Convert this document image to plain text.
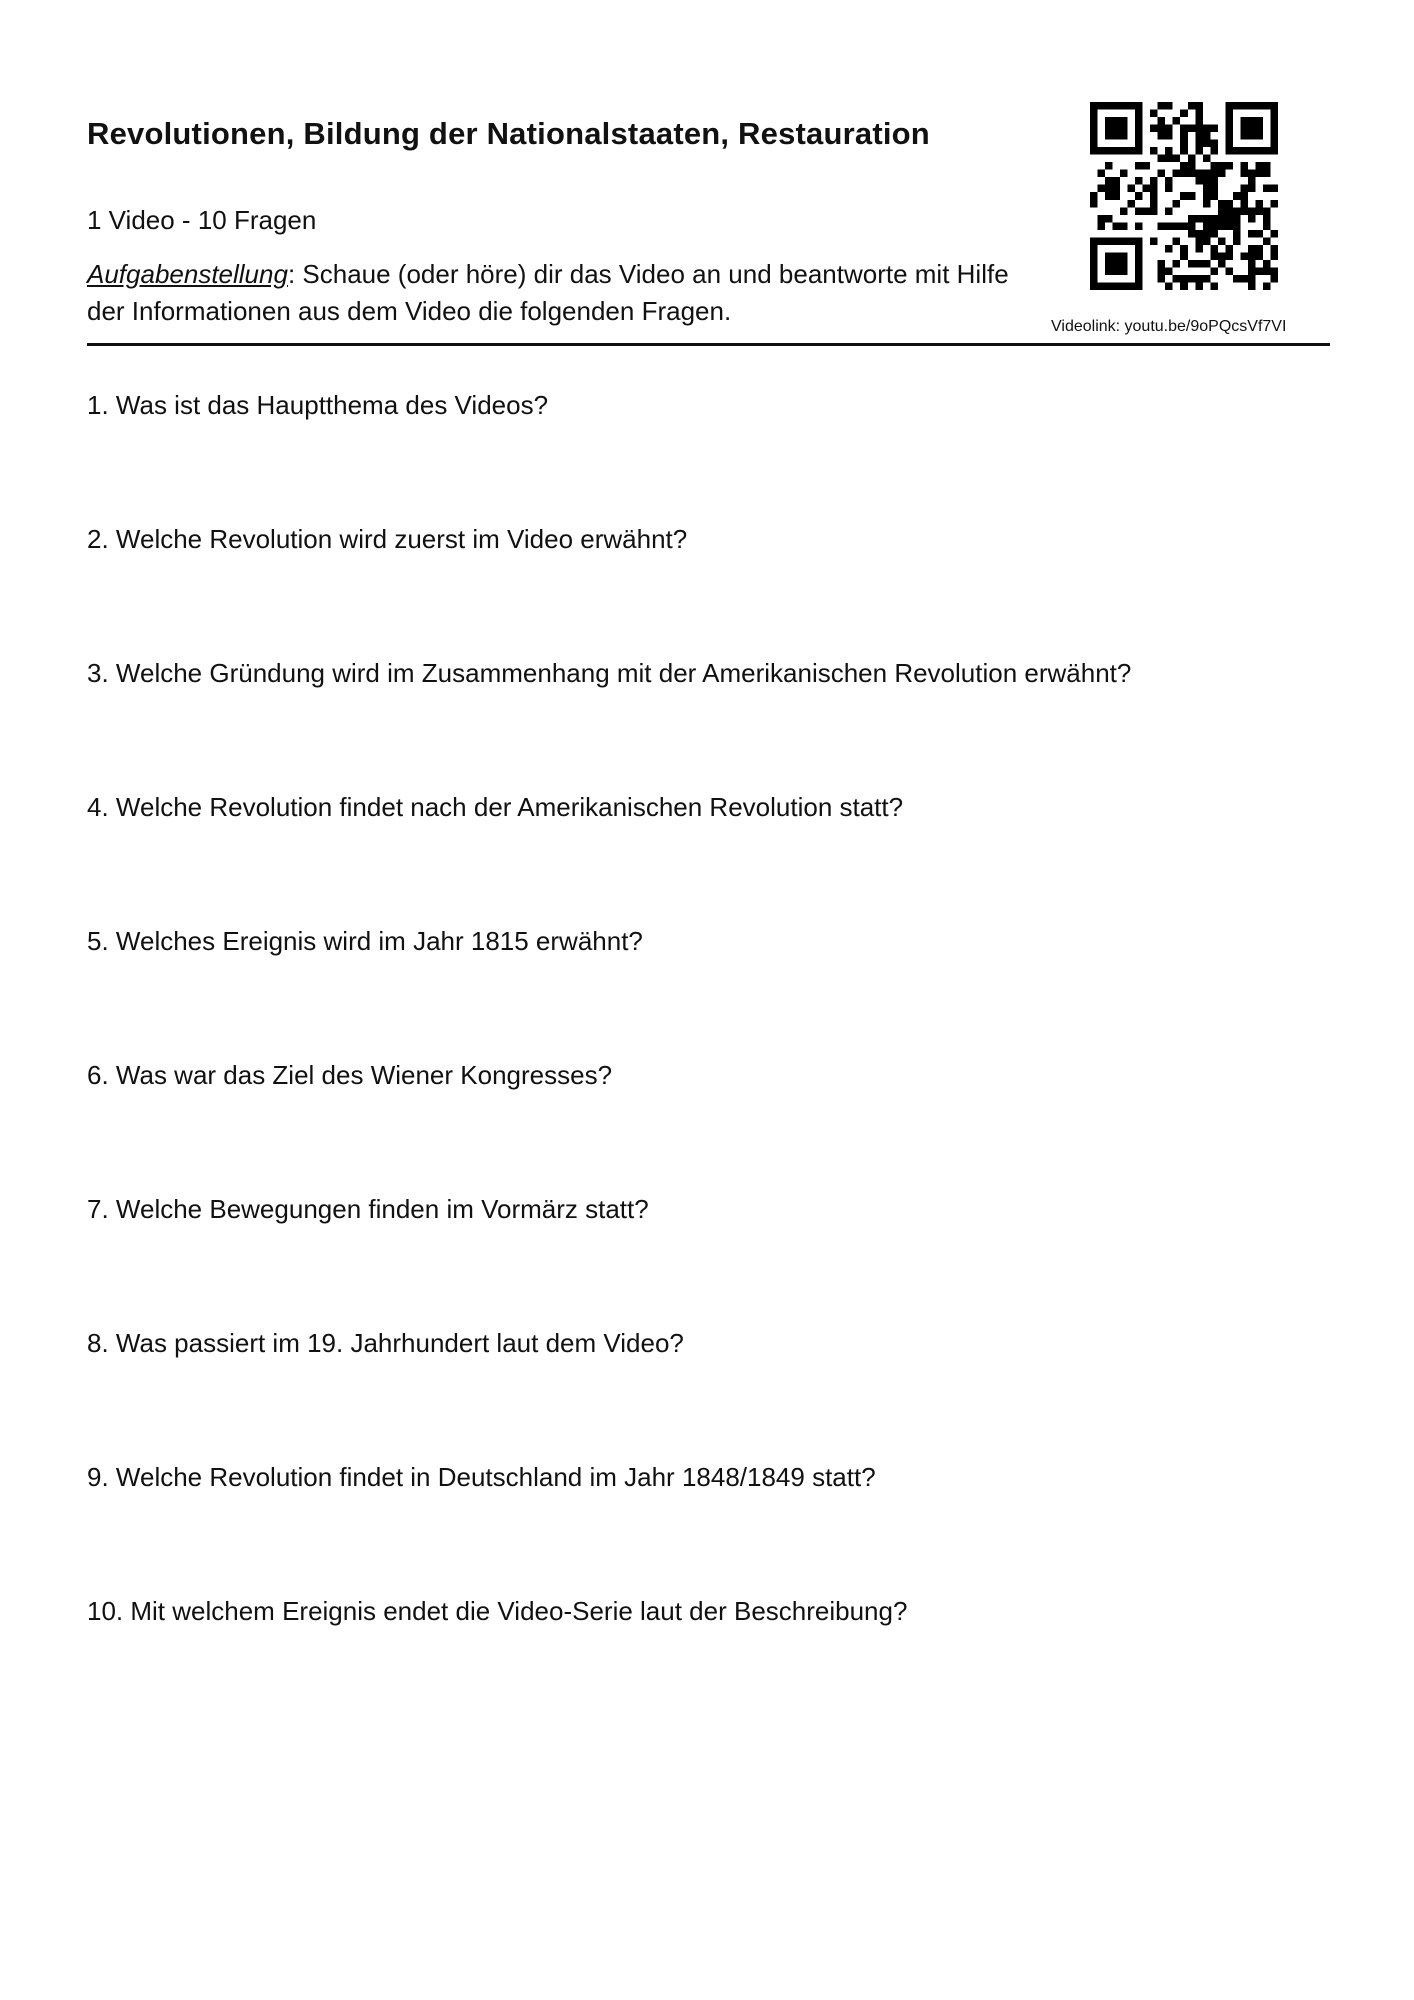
Revolutionen, Bildung der Nationalstaaten, Restauration
1 Video - 10 Fragen
Aufgabenstellung: Schaue (oder höre) dir das Video an und beantworte mit Hilfe der Informationen aus dem Video die folgenden Fragen.
Videolink: youtu.be/9oPQcsVf7VI
1. Was ist das Hauptthema des Videos?
2. Welche Revolution wird zuerst im Video erwähnt?
3. Welche Gründung wird im Zusammenhang mit der Amerikanischen Revolution erwähnt?
4. Welche Revolution findet nach der Amerikanischen Revolution statt?
5. Welches Ereignis wird im Jahr 1815 erwähnt?
6. Was war das Ziel des Wiener Kongresses?
7. Welche Bewegungen finden im Vormärz statt?
8. Was passiert im 19. Jahrhundert laut dem Video?
9. Welche Revolution findet in Deutschland im Jahr 1848/1849 statt?
10. Mit welchem Ereignis endet die Video-Serie laut der Beschreibung?
